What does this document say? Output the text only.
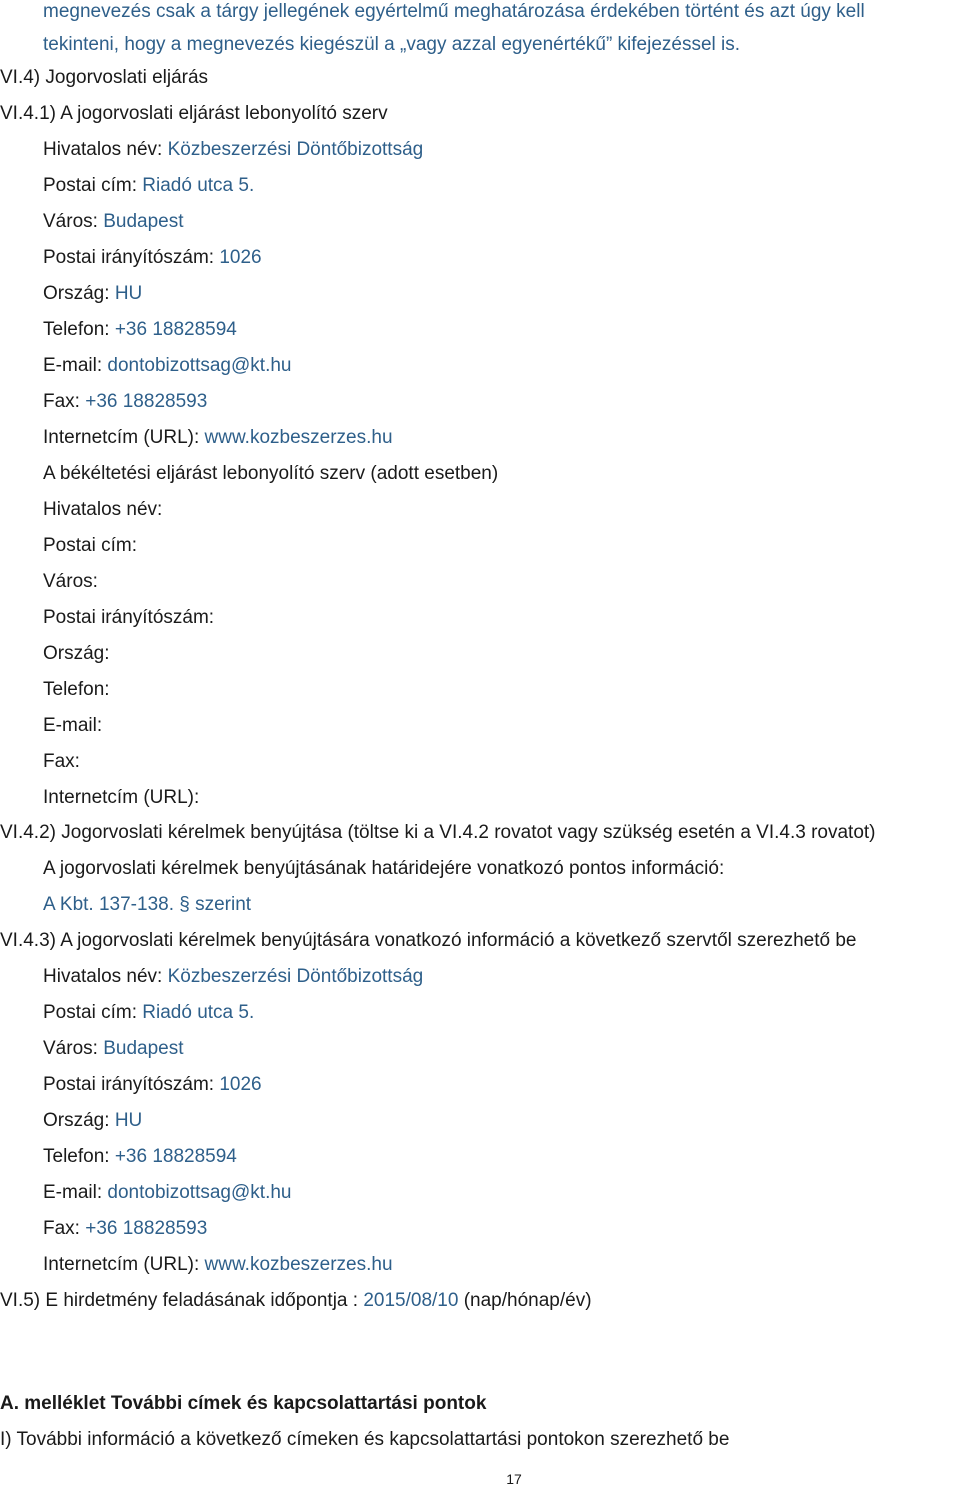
megnevezés csak a tárgy jellegének egyértelmű meghatározása érdekében történt és azt úgy kell
tekinteni, hogy a megnevezés kiegészül a „vagy azzal egyenértékű” kifejezéssel is.
VI.4) Jogorvoslati eljárás
VI.4.1) A jogorvoslati eljárást lebonyolító szerv
Hivatalos név: Közbeszerzési Döntőbizottság
Postai cím: Riadó utca 5.
Város: Budapest
Postai irányítószám: 1026
Ország: HU
Telefon: +36 18828594
E-mail: dontobizottsag@kt.hu
Fax: +36 18828593
Internetcím (URL): www.kozbeszerzes.hu
A békéltetési eljárást lebonyolító szerv (adott esetben)
Hivatalos név:
Postai cím:
Város:
Postai irányítószám:
Ország:
Telefon:
E-mail:
Fax:
Internetcím (URL):
VI.4.2) Jogorvoslati kérelmek benyújtása (töltse ki a VI.4.2 rovatot vagy szükség esetén a VI.4.3 rovatot)
A jogorvoslati kérelmek benyújtásának határidejére vonatkozó pontos információ:
A Kbt. 137-138. § szerint
VI.4.3) A jogorvoslati kérelmek benyújtására vonatkozó információ a következő szervtől szerezhető be
Hivatalos név: Közbeszerzési Döntőbizottság
Postai cím: Riadó utca 5.
Város: Budapest
Postai irányítószám: 1026
Ország: HU
Telefon: +36 18828594
E-mail: dontobizottsag@kt.hu
Fax: +36 18828593
Internetcím (URL): www.kozbeszerzes.hu
VI.5) E hirdetmény feladásának időpontja : 2015/08/10 (nap/hónap/év)
A. melléklet További címek és kapcsolattartási pontok
I) További információ a következő címeken és kapcsolattartási pontokon szerezhető be
17
